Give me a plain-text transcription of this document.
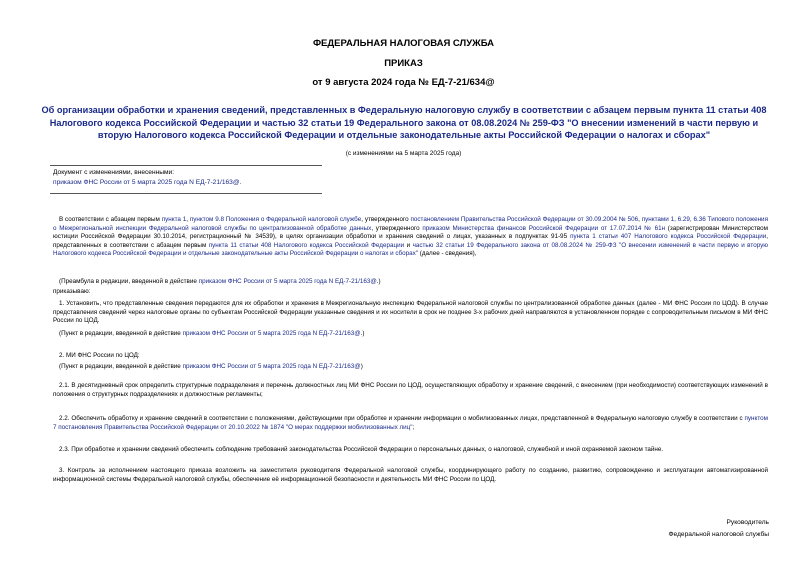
ФЕДЕРАЛЬНАЯ НАЛОГОВАЯ СЛУЖБА
ПРИКАЗ
от 9 августа 2024 года № ЕД-7-21/634@
Об организации обработки и хранения сведений, представленных в Федеральную налоговую службу в соответствии с абзацем первым пункта 11 статьи 408 Налогового кодекса Российской Федерации и частью 32 статьи 19 Федерального закона от 08.08.2024 № 259-ФЗ "О внесении изменений в части первую и вторую Налогового кодекса Российской Федерации и отдельные законодательные акты Российской Федерации о налогах и сборах"
(с изменениями на 5 марта 2025 года)
Документ с изменениями, внесенными:
приказом ФНС России от 5 марта 2025 года N ЕД-7-21/163@.
В соответствии с абзацем первым пункта 1, пунктом 9.8 Положения о Федеральной налоговой службе, утвержденного постановлением Правительства Российской Федерации от 30.09.2004 № 506, пунктами 1, 6.29, 6.36 Типового положения о Межрегиональной инспекции Федеральной налоговой службы по централизованной обработке данных, утвержденного приказом Министерства финансов Российской Федерации от 17.07.2014 № 61н (зарегистрирован Министерством юстиции Российской Федерации 30.10.2014, регистрационный № 34539), в целях организации обработки и хранения сведений о лицах, указанных в подпунктах 91-95 пункта 1 статьи 407 Налогового кодекса Российской Федерации, представленных в соответствии с абзацем первым пункта 11 статьи 408 Налогового кодекса Российской Федерации и частью 32 статьи 19 Федерального закона от 08.08.2024 № 259-ФЗ "О внесении изменений в части первую и вторую Налогового кодекса Российской Федерации и отдельные законодательные акты Российской Федерации о налогах и сборах" (далее - сведения),
(Преамбула в редакции, введенной в действие приказом ФНС России от 5 марта 2025 года N ЕД-7-21/163@.)
приказываю:
1. Установить, что представленные сведения передаются для их обработки и хранения в Межрегиональную инспекцию Федеральной налоговой службы по централизованной обработке данных (далее - МИ ФНС России по ЦОД). В случае представления сведений через налоговые органы по субъектам Российской Федерации указанные сведения и их носители в срок не позднее 3-х рабочих дней направляются в установленном порядке с сопроводительным письмом в МИ ФНС России по ЦОД.
(Пункт в редакции, введенной в действие приказом ФНС России от 5 марта 2025 года N ЕД-7-21/163@.)
2. МИ ФНС России по ЦОД:
(Пункт в редакции, введенной в действие приказом ФНС России от 5 марта 2025 года N ЕД-7-21/163@)
2.1. В десятидневный срок определить структурные подразделения и перечень должностных лиц МИ ФНС России по ЦОД, осуществляющих обработку и хранение сведений, с внесением (при необходимости) соответствующих изменений в положения о структурных подразделениях и должностные регламенты;
2.2. Обеспечить обработку и хранение сведений в соответствии с положениями, действующими при обработке и хранении информации о мобилизованных лицах, представленной в Федеральную налоговую службу в соответствии с пунктом 7 постановления Правительства Российской Федерации от 20.10.2022 № 1874 "О мерах поддержки мобилизованных лиц";
2.3. При обработке и хранении сведений обеспечить соблюдение требований законодательства Российской Федерации о персональных данных, о налоговой, служебной и иной охраняемой законом тайне.
3. Контроль за исполнением настоящего приказа возложить на заместителя руководителя Федеральной налоговой службы, координирующего работу по созданию, развитию, сопровождению и эксплуатации автоматизированной информационной системы Федеральной налоговой службы, обеспечение её информационной безопасности и деятельность МИ ФНС России по ЦОД.
Руководитель
Федеральной налоговой службы
